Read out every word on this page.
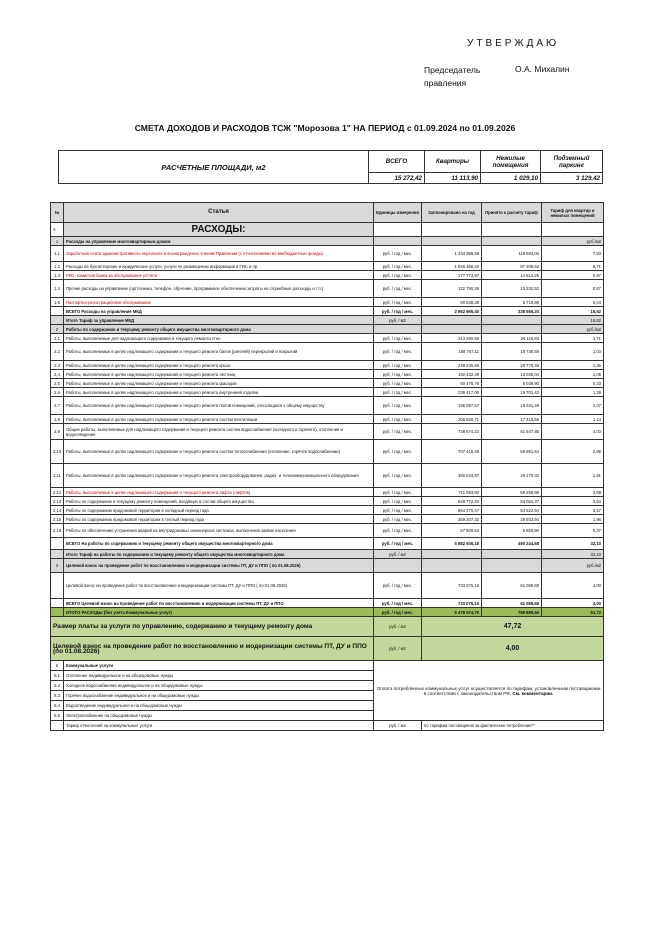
УТВЕРЖДАЮ
Председатель правления
О.А. Михалин
СМЕТА ДОХОДОВ И РАСХОДОВ ТСЖ "Морозова 1" НА ПЕРИОД с 01.09.2024 по 01.09.2026
РАСЧЕТНЫЕ ПЛОЩАДИ, м2	ВСЕГО	Квартиры	Нежилые помещения	Подземный паркинг
	15 272,42	11 113,90	1 029,10	3 129,42
№	Статья	Единицы измерения	Запланировано на год	Принято к расчету тариф	Тариф для квартир и нежилых помещений
А	РАСХОДЫ:				
1	Расходы на управление многоквартирным домом				руб./м2
1.1	Заработная плата административного персонала и вознаграждение членам Правления (с отчислениями во внебюджетные фонды)	руб. / год / мес.	1 434 996,58	119 583,05	7,83
1.2	Расходы на бухгалтерские и юридические услуги, услуги по размещению информации в ГИС и пр.	руб. / год / мес.	1 046 466,22	87 205,52	5,71
1.3	РКО, комиссия банка за обслуживание р/счета	руб. / год / мес.	177 773,97	14 814,25	0,97
1.4	Прочие расходы на управление (оргтехника, телефон, обучение, программное обеспечение,затраты на служебные разъезды и т.п.)	руб. / год / мес.	122 790,26	10 232,52	0,67
1.5	Паспортно-регистрационное обслуживание	руб. / год / мес.	80 638,38	6 719,86	0,44
	ВСЕГО Расходы на управление МКД	руб. / год / мес.	2 862 665,40	238 555,20	15,62
	Итого Тариф за управление МКД	руб. / м2			15,62
2	Работы по содержанию и текущему ремонту общего имущества многоквартирного дома				руб./м2
2.1	Работы, выполняемые для надлежащего содержания и текущего ремонта стен	руб. / год / мес.	313 390,56	26 115,84	1,71
2.2	Работы, выполняемые в целях надлежащего содержания и текущего ремонта балок (ригелей) перекрытий и покрытий	руб. / год / мес.	188 767,11	15 730,59	1,03
2.3	Работы, выполняемые в целях надлежащего содержания и текущего ремонта крыш	руб. / год / мес.	249 245,69	20 770,48	1,36
2.4	Работы, выполняемые в целях надлежащего содержания и текущего ремонта лестниц	руб. / год / мес.	192 432,49	16 036,04	1,05
2.5	Работы, выполняемые в целях надлежащего содержания и текущего ремонта фасадов	руб. / год / мес.	60 478,76	5 039,90	0,33
2.6	Работы, выполняемые в целях надлежащего содержания и текущего ремонта внутренней отделки	руб. / год / мес.	236 417,06	19 701,42	1,29
2.7	Работы, выполняемые в целях надлежащего содержания и текущего ремонта полов помещений, относящихся к общему имуществу	руб. / год / мес.	196 097,67	16 341,49	1,07
2.8	Работы, выполняемые в целях надлежащего содержания и текущего ремонта систем вентиляции	руб. / год / мес.	208 926,71	17 410,56	1,14
2.9	Общие работы, выполняемые для надлежащего содержания и текущего ремонта систем водоснабжения (холодного и горячего), отопления и водоотведения	руб. / год / мес.	738 574,23	61 547,85	4,03
2.10	Работы, выполняемые в целях надлежащего содержания и текущего ремонта систем теплоснабжения (отопление, горячее водоснабжение)	руб. / год / мес.	707 418,49	58 951,54	3,86
2.11	Работы, выполняемые в целях надлежащего содержания и текущего ремонта электрооборудования, радио- и телекоммуникационного оборудования	руб. / год / мес.	350 043,87	29 170,32	1,91
2.12	Работы, выполняемые в целях надлежащего содержания и текущего ремонта лифта (лифтов)	руб. / год / мес.	711 083,80	59 256,98	3,88
2.13	Работы по содержанию и текущему ремонту помещений, входящих в состав общего имущества	руб. / год / мес.	648 772,40	54 064,37	3,54
2.14	Работы по содержанию придомовой территории в холодный период года	руб. / год / мес.	654 270,47	54 522,54	3,57
2.15	Работы по содержанию придомовой территории в теплый период года	руб. / год / мес.	359 207,32	29 933,94	1,96
2.16	Работы по обеспечению устранения аварий на внутридомовых инженерных системах, выполнения заявок населения	руб. / год / мес.	67 809,54	5 650,80	0,37
	ВСЕГО На работы по содержанию и текущему ремонту общего имущества многоквартирного дома	руб. / год / мес.	5 882 936,18	490 244,68	32,10
	Итого Тариф на работы по содержанию и текущему ремонту общего имущества многоквартирного дома	руб. / м2			32,10
3	Целевой взнос на проведение работ по восстановлению и модернизации системы ПТ, ДУ и ППО ( по 01.08.2026)				руб./м2
	Целевой взнос на проведение работ по восстановлению и модернизации системы ПТ, ДУ и ППО ( по 01.08.2026)	руб. / год / мес.	733 076,16	61 089,68	4,00
	ВСЕГО Целевой взнос на проведение работ по восстановлению и модернизации системы ПТ, ДУ и ППО	руб. / год / мес.	733 076,16	61 089,68	4,00
	ИТОГО РАСХОДЫ (без учета Коммунальных услуг)	руб. / год / мес.	9 478 674,75	789 889,56	51,72
Размер платы за услуги по управлению, содержанию и текущему ремонту дома		руб. / м2	47,72		
Целевой взнос на проведение работ по восстановлению и модернизации системы ПТ, ДУ и ППО (по 01.08.2026)		руб. / м2	4,00		
6	Коммунальные услуги	Оплата потребленных коммунальных услуг осуществляется по тарифам, установленным поставщиками в соответствии с законодательством РФ. См. комментарии.			
6.1	Отопление индивидуальное и на общедомовые нужды				
6.2	Холодное водоснабжение индивидуальное и на общедомовые нужды				
6.3	Горячее водоснабжение индивидуальное и на общедомовые нужды				
6.4	Водоотведение индивидуальное и на общедомовые нужды				
6.5	Электроснабжение на общедомовые нужды				
	Тариф отчислений на коммунальные услуги	руб. / м2	по тарифам поставщиков за фактическое потребление**		
